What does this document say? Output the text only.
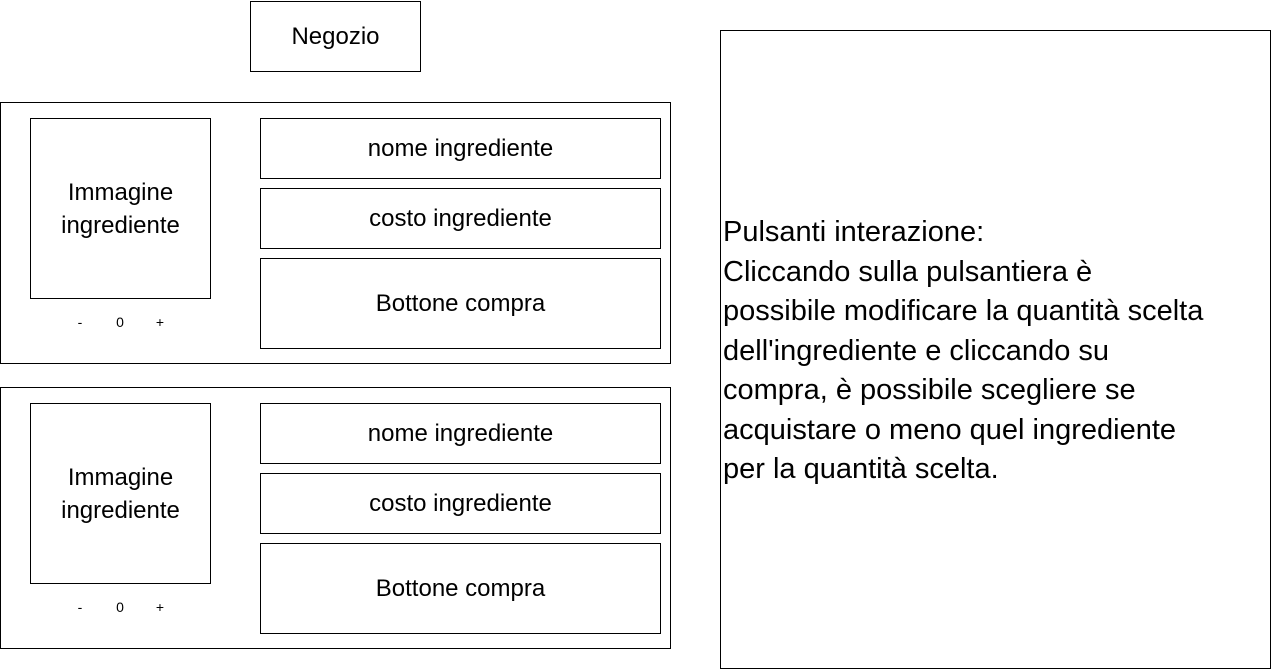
Negozio
Immagine ingrediente
-	0	+
nome ingrediente
costo ingrediente
Bottone compra
Immagine ingrediente
-	0	+
nome ingrediente
costo ingrediente
Bottone compra
Pulsanti interazione:
Cliccando sulla pulsantiera è
possibile modificare la quantità scelta
dell'ingrediente e cliccando su
compra, è possibile scegliere se
acquistare o meno quel ingrediente
per la quantità scelta.
